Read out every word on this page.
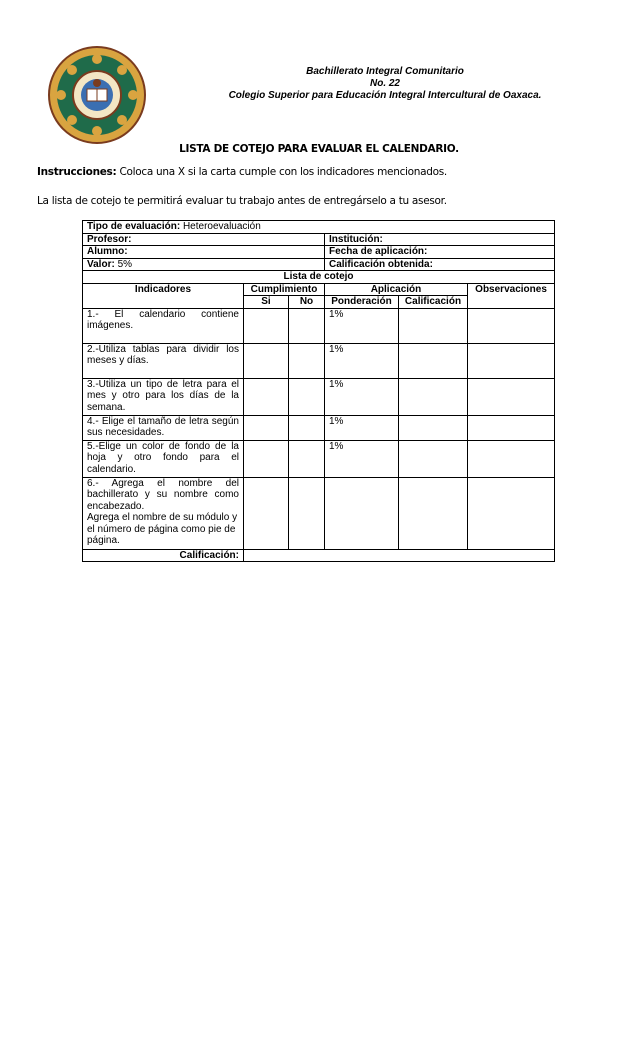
Bachillerato Integral Comunitario
No. 22
Colegio Superior para Educación Integral Intercultural de Oaxaca.
LISTA DE COTEJO PARA EVALUAR EL CALENDARIO.
Instrucciones: Coloca una X si la carta cumple con los indicadores mencionados.
La lista de cotejo te permitirá evaluar tu trabajo antes de entregárselo a tu asesor.
Tipo de evaluación: Heteroevaluación					
Profesor:			Institución:		
Alumno:			Fecha de aplicación:		
Valor: 5%			Calificación obtenida:		
Lista de cotejo					
Indicadores	Cumplimiento		Aplicación		Observaciones
	Si	No	Ponderación	Calificación	
1.- El calendario contiene imágenes.			1%		
2.-Utiliza tablas para dividir los meses y días.			1%		
3.-Utiliza un tipo de letra para el mes y otro para los días de la semana.			1%		
4.- Elige el tamaño de letra según sus necesidades.			1%		
5.-Elige un color de fondo de la hoja y otro fondo para el calendario.			1%		

6.- Agrega el nombre del bachillerato y su nombre como encabezado.
Agrega el nombre de su módulo y el número de página como pie de página.					

Calificación:					
